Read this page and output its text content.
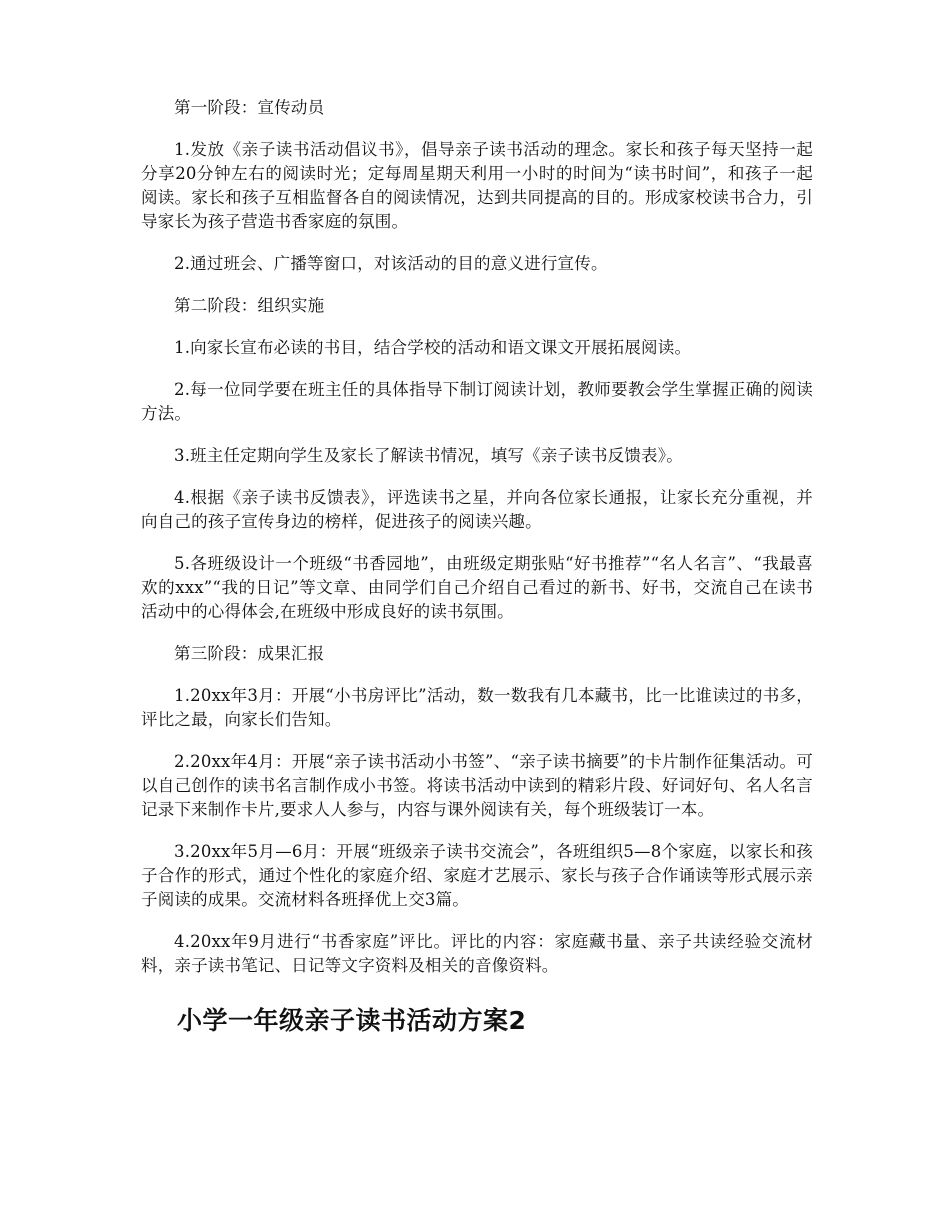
第一阶段：宣传动员

1.发放《亲子读书活动倡议书》，倡导亲子读书活动的理念。家长和孩子每天坚持一起分享20分钟左右的阅读时光；定每周星期天利用一小时的时间为“读书时间”，和孩子一起阅读。家长和孩子互相监督各自的阅读情况，达到共同提高的目的。形成家校读书合力，引导家长为孩子营造书香家庭的氛围。

2.通过班会、广播等窗口，对该活动的目的意义进行宣传。

第二阶段：组织实施

1.向家长宣布必读的书目，结合学校的活动和语文课文开展拓展阅读。

2.每一位同学要在班主任的具体指导下制订阅读计划，教师要教会学生掌握正确的阅读方法。

3.班主任定期向学生及家长了解读书情况，填写《亲子读书反馈表》。

4.根据《亲子读书反馈表》，评选读书之星，并向各位家长通报，让家长充分重视，并向自己的孩子宣传身边的榜样，促进孩子的阅读兴趣。

5.各班级设计一个班级“书香园地”，由班级定期张贴“好书推荐”“名人名言”、“我最喜欢的xxx”“我的日记”等文章、由同学们自己介绍自己看过的新书、好书，交流自己在读书活动中的心得体会,在班级中形成良好的读书氛围。

第三阶段：成果汇报

1.20xx年3月：开展“小书房评比”活动，数一数我有几本藏书，比一比谁读过的书多，评比之最，向家长们告知。

2.20xx年4月：开展“亲子读书活动小书签”、“亲子读书摘要”的卡片制作征集活动。可以自己创作的读书名言制作成小书签。将读书活动中读到的精彩片段、好词好句、名人名言记录下来制作卡片,要求人人参与，内容与课外阅读有关，每个班级装订一本。

3.20xx年5月—6月：开展“班级亲子读书交流会”，各班组织5—8个家庭，以家长和孩子合作的形式，通过个性化的家庭介绍、家庭才艺展示、家长与孩子合作诵读等形式展示亲子阅读的成果。交流材料各班择优上交3篇。

4.20xx年9月进行“书香家庭”评比。评比的内容：家庭藏书量、亲子共读经验交流材料，亲子读书笔记、日记等文字资料及相关的音像资料。

小学一年级亲子读书活动方案2
